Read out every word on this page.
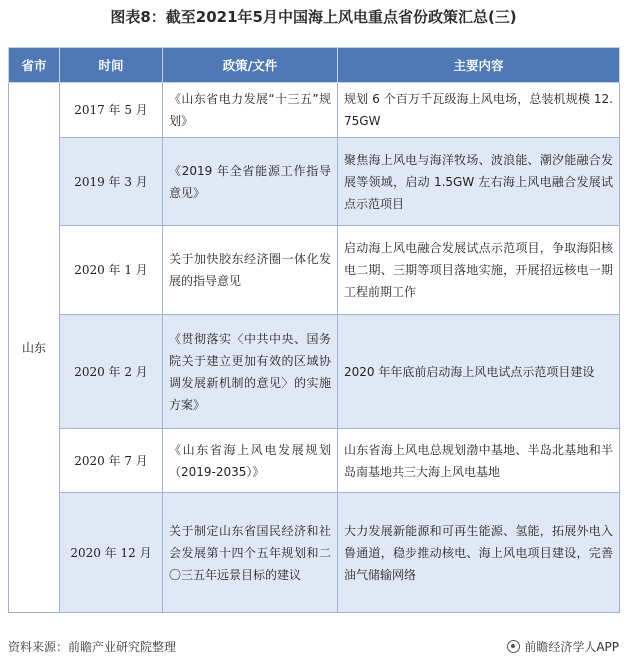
图表8：截至2021年5月中国海上风电重点省份政策汇总(三)
省市	时间	政策/文件	主要内容
山东	2017 年 5 月	《山东省电力发展“十三五”规划》	规划 6 个百万千瓦级海上风电场，总装机规模 12.75GW
	2019 年 3 月	《2019 年全省能源工作指导意见》	聚焦海上风电与海洋牧场、波浪能、潮汐能融合发展等领域，启动 1.5GW 左右海上风电融合发展试点示范项目
	2020 年 1 月	关于加快胶东经济圈一体化发展的指导意见	启动海上风电融合发展试点示范项目，争取海阳核电二期、三期等项目落地实施，开展招远核电一期工程前期工作
	2020 年 2 月	《贯彻落实〈中共中央、国务院关于建立更加有效的区域协调发展新机制的意见〉的实施方案》	2020 年年底前启动海上风电试点示范项目建设
	2020 年 7 月	《山东省海上风电发展规划（2019-2035）》	山东省海上风电总规划渤中基地、半岛北基地和半岛南基地共三大海上风电基地
	2020 年 12 月	关于制定山东省国民经济和社会发展第十四个五年规划和二〇三五年远景目标的建议	大力发展新能源和可再生能源、氢能，拓展外电入鲁通道，稳步推动核电、海上风电项目建设，完善油气储输网络
资料来源：前瞻产业研究院整理	前瞻经济学人APP
